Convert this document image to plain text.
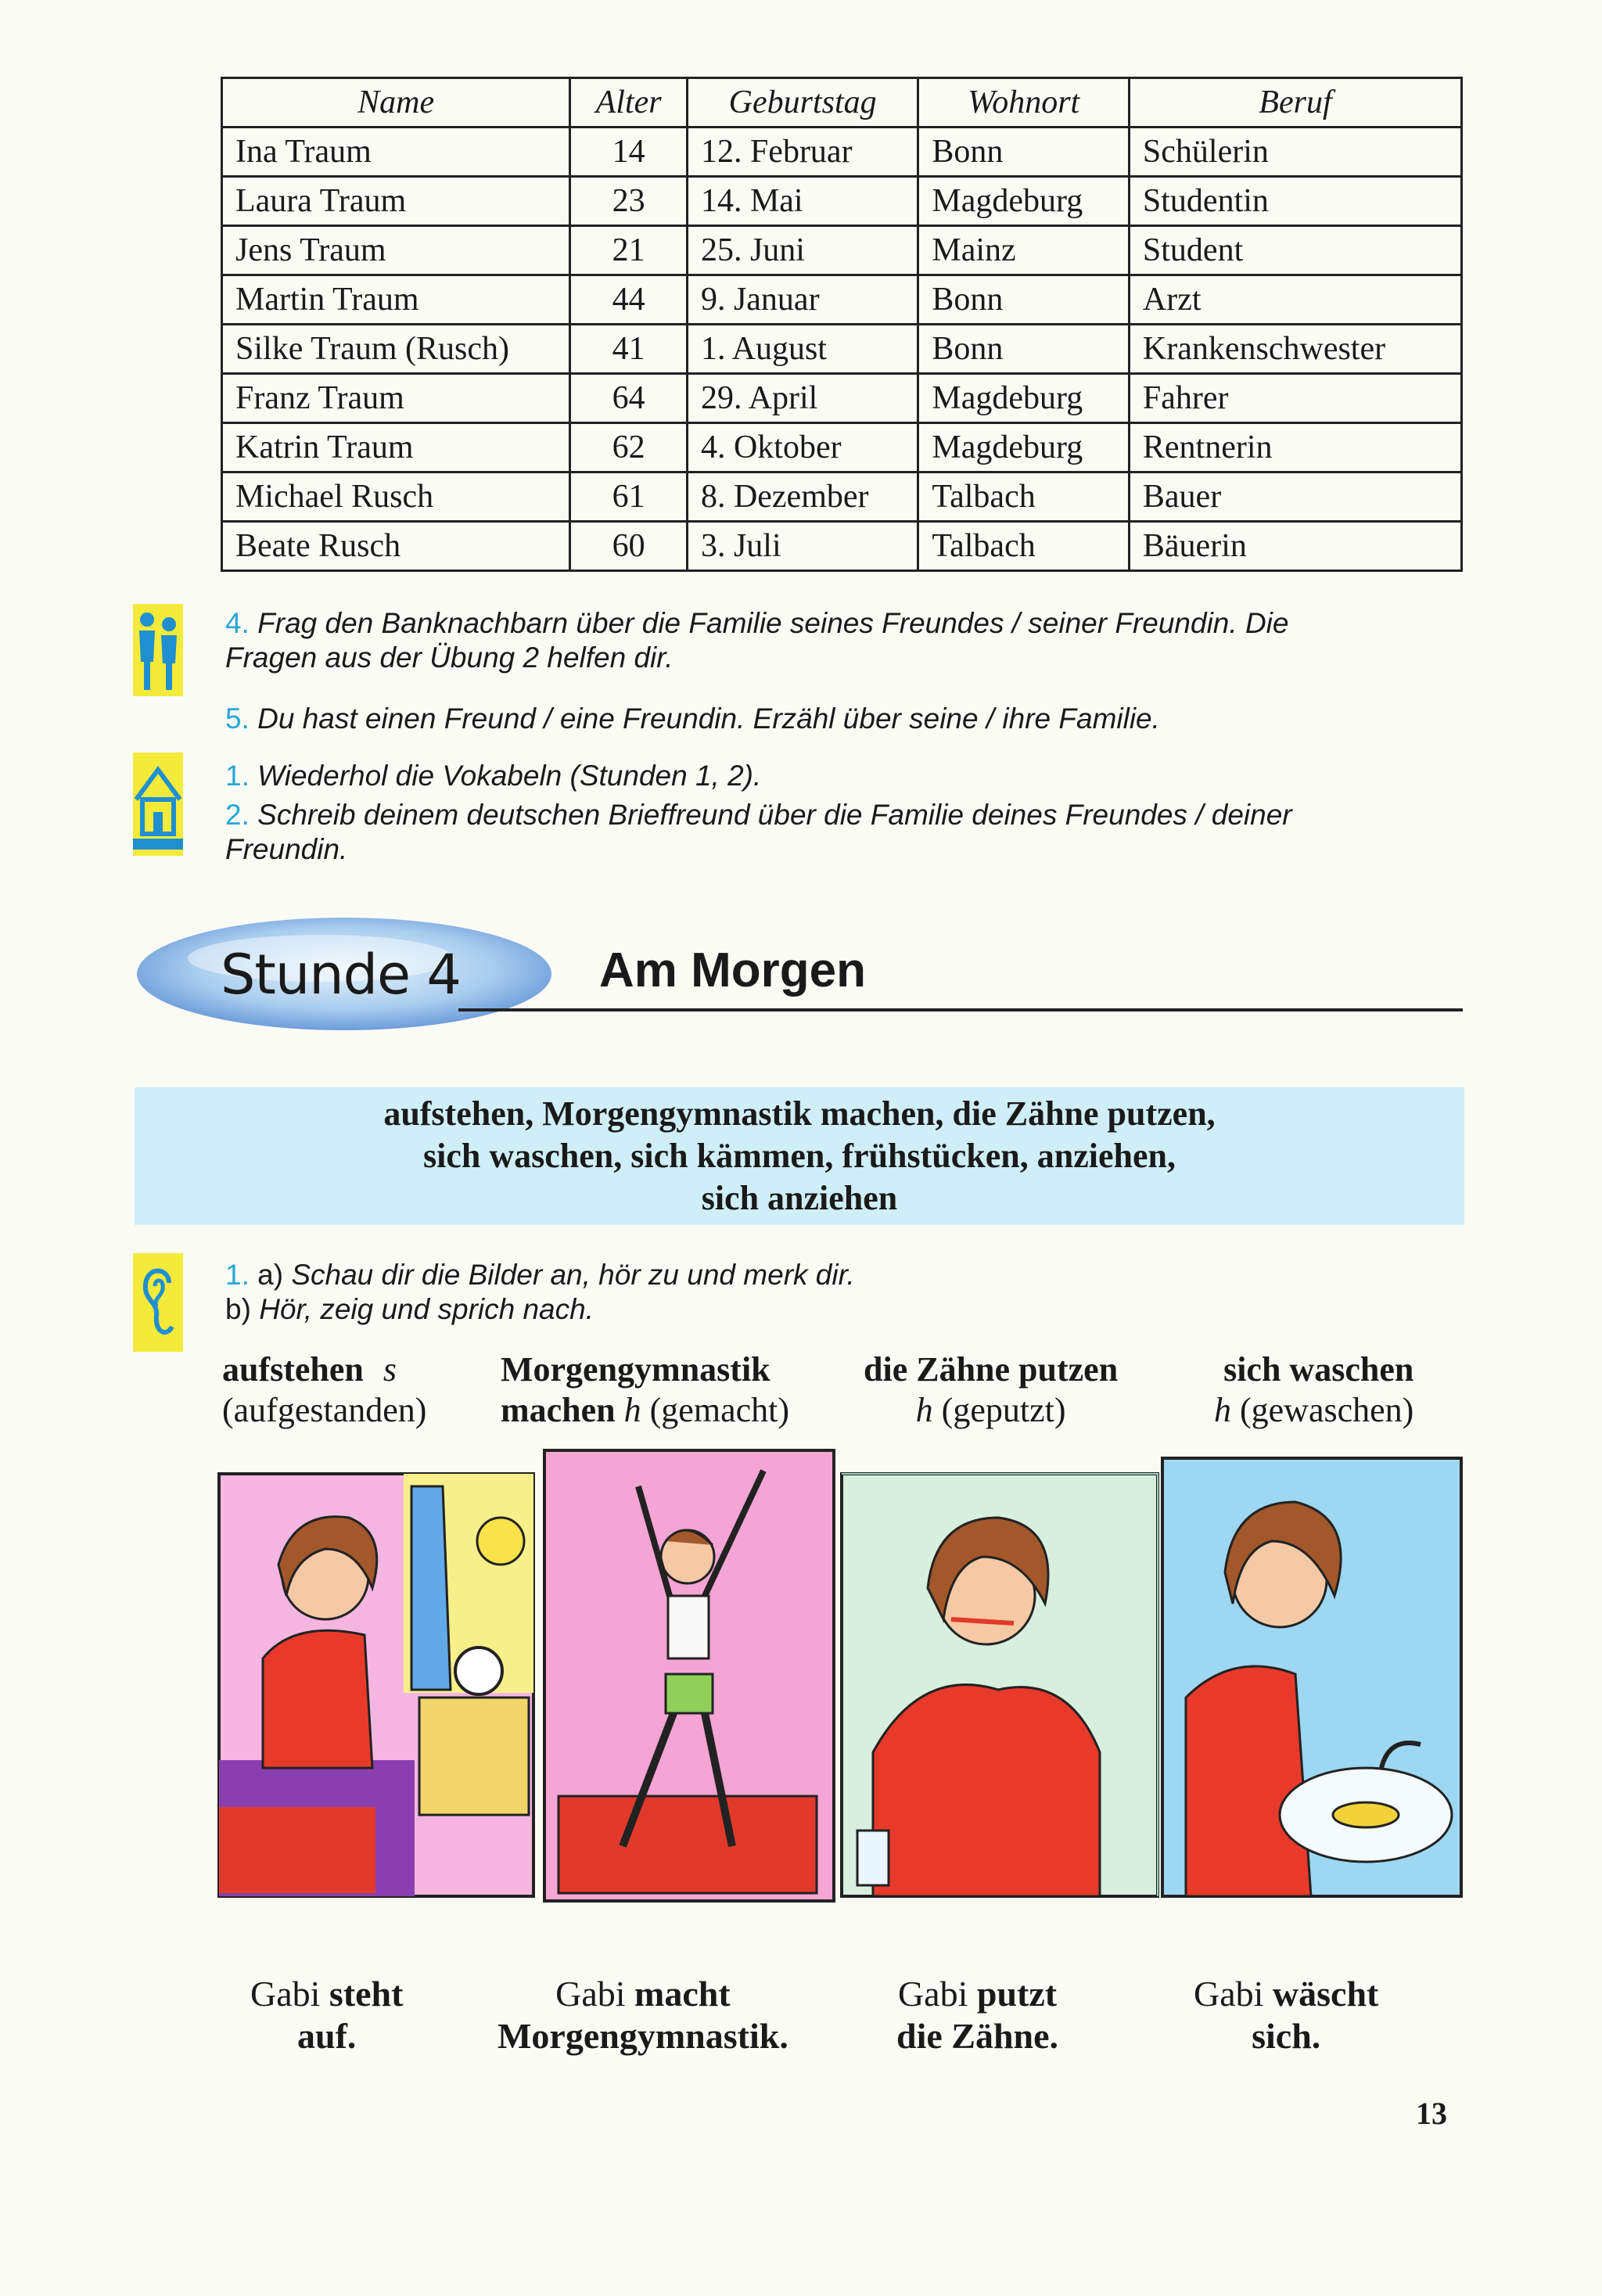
Name	Alter	Geburtstag	Wohnort	Beruf
Ina Traum	14	12. Februar	Bonn	Schülerin
Laura Traum	23	14. Mai	Magdeburg	Studentin
Jens Traum	21	25. Juni	Mainz	Student
Martin Traum	44	9. Januar	Bonn	Arzt
Silke Traum (Rusch)	41	1. August	Bonn	Krankenschwester
Franz Traum	64	29. April	Magdeburg	Fahrer
Katrin Traum	62	4. Oktober	Magdeburg	Rentnerin
Michael Rusch	61	8. Dezember	Talbach	Bauer
Beate Rusch	60	3. Juli	Talbach	Bäuerin
4. Frag den Banknachbarn über die Familie seines Freundes / seiner Freundin. Die
Fragen aus der Übung 2 helfen dir.
5. Du hast einen Freund / eine Freundin. Erzähl über seine / ihre Familie.
1. Wiederhol die Vokabeln (Stunden 1, 2).
2. Schreib deinem deutschen Brieffreund über die Familie deines Freundes / deiner
Freundin.
Stunde 4	Am Morgen
aufstehen, Morgengymnastik machen, die Zähne putzen,
sich waschen, sich kämmen, frühstücken, anziehen,
sich anziehen
1. a) Schau dir die Bilder an, hör zu und merk dir.
b) Hör, zeig und sprich nach.
aufstehen s
(aufgestanden)
Morgengymnastik
machen h (gemacht)
die Zähne putzen
h (geputzt)
sich waschen
h (gewaschen)
Gabi steht
auf.
Gabi macht
Morgengymnastik.
Gabi putzt
die Zähne.
Gabi wäscht
sich.
13
